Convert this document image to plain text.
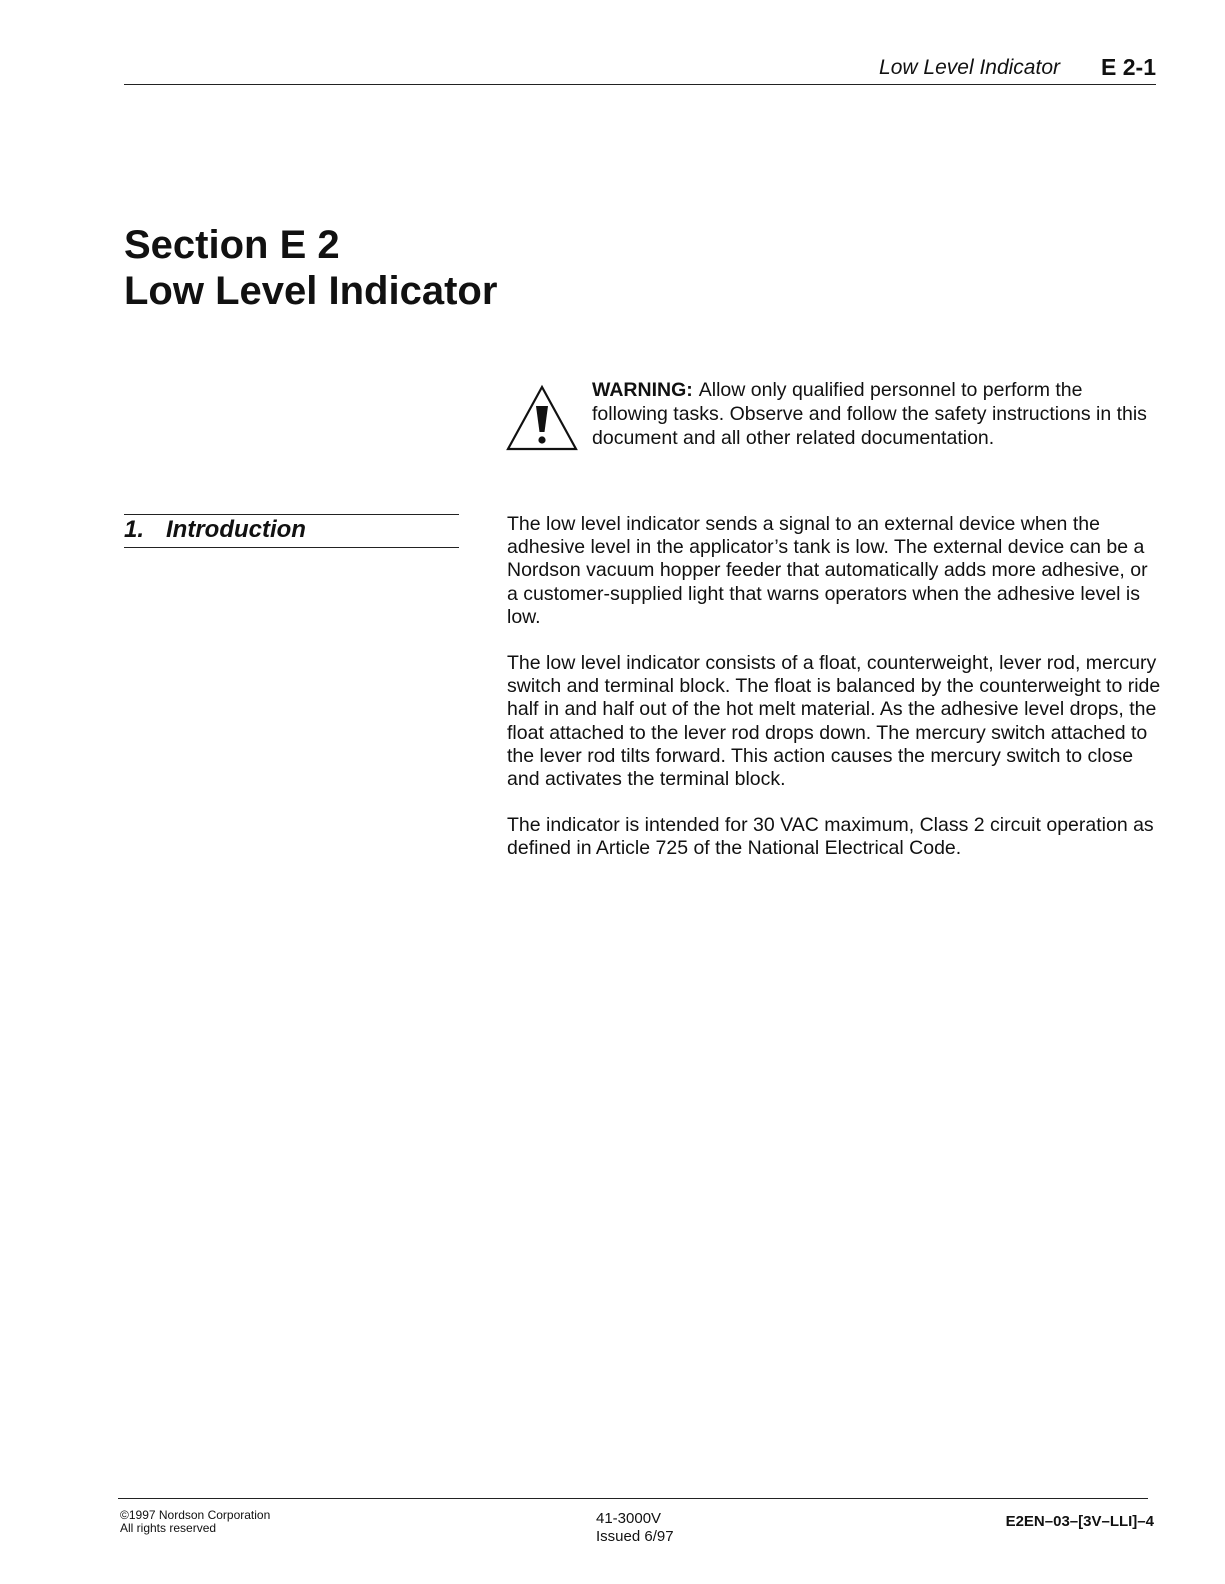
Low Level Indicator E 2-1
Section E 2
Low Level Indicator
WARNING: Allow only qualified personnel to perform the following tasks. Observe and follow the safety instructions in this document and all other related documentation.
1. Introduction	The low level indicator sends a signal to an external device when the adhesive level in the applicator’s tank is low. The external device can be a Nordson vacuum hopper feeder that automatically adds more adhesive, or a customer-supplied light that warns operators when the adhesive level is low.

The low level indicator consists of a float, counterweight, lever rod, mercury switch and terminal block. The float is balanced by the counterweight to ride half in and half out of the hot melt material. As the adhesive level drops, the float attached to the lever rod drops down. The mercury switch attached to the lever rod tilts forward. This action causes the mercury switch to close and activates the terminal block.

The indicator is intended for 30 VAC maximum, Class 2 circuit operation as defined in Article 725 of the National Electrical Code.

©1997 Nordson Corporation
All rights reserved
41-3000V
Issued 6/97
E2EN–03–[3V–LLI]–4
